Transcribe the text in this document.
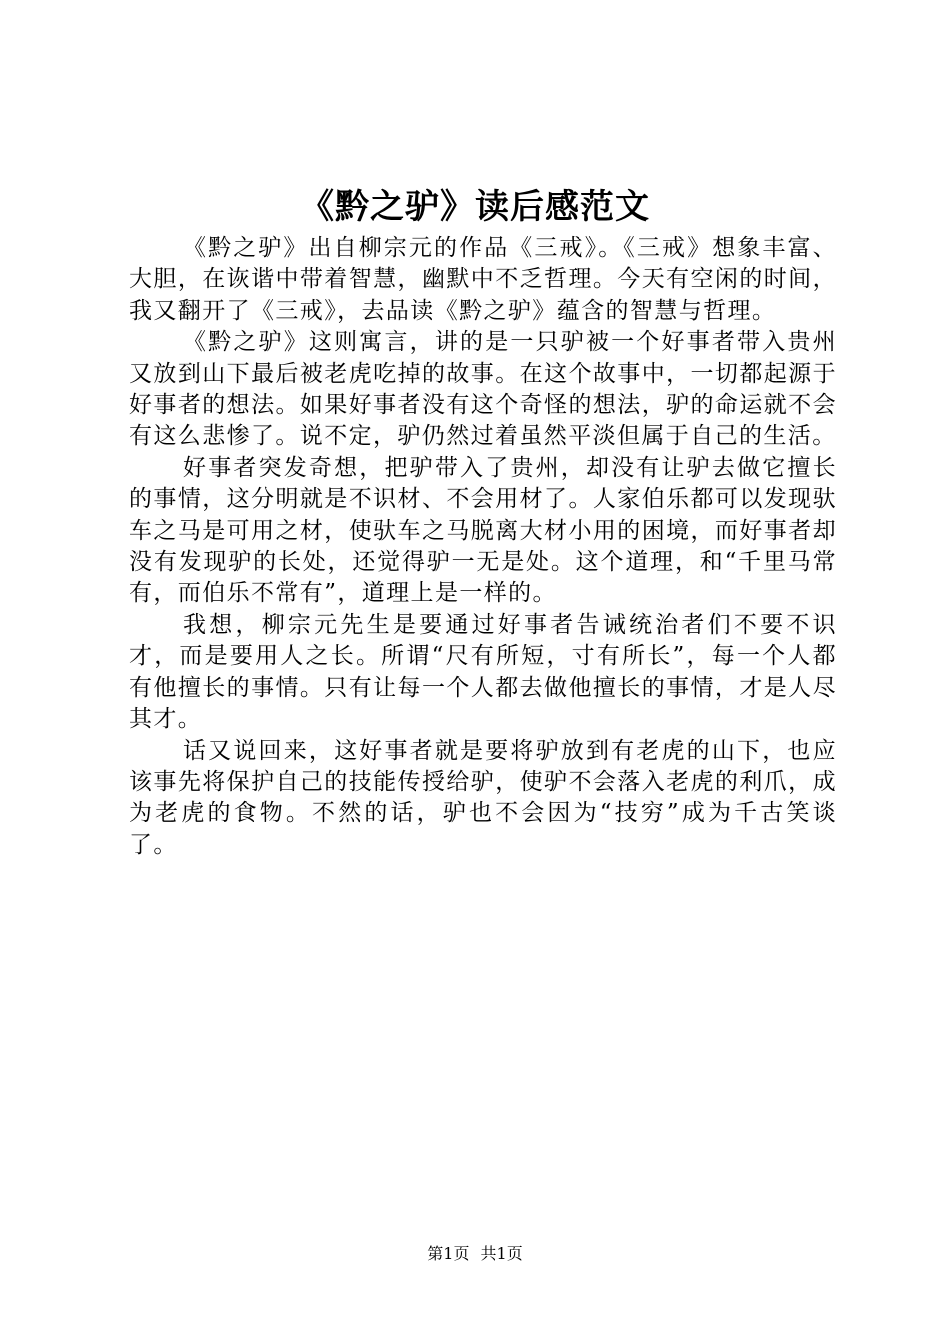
《黔之驴》读后感范文

《黔之驴》出自柳宗元的作品《三戒》。《三戒》想象丰富、大胆，在诙谐中带着智慧，幽默中不乏哲理。今天有空闲的时间，我又翻开了《三戒》，去品读《黔之驴》蕴含的智慧与哲理。

《黔之驴》这则寓言，讲的是一只驴被一个好事者带入贵州又放到山下最后被老虎吃掉的故事。在这个故事中，一切都起源于好事者的想法。如果好事者没有这个奇怪的想法，驴的命运就不会有这么悲惨了。说不定，驴仍然过着虽然平淡但属于自己的生活。

好事者突发奇想，把驴带入了贵州，却没有让驴去做它擅长的事情，这分明就是不识材、不会用材了。人家伯乐都可以发现驮车之马是可用之材，使驮车之马脱离大材小用的困境，而好事者却没有发现驴的长处，还觉得驴一无是处。这个道理，和“千里马常有，而伯乐不常有”，道理上是一样的。

我想，柳宗元先生是要通过好事者告诫统治者们不要不识才，而是要用人之长。所谓“尺有所短，寸有所长”，每一个人都有他擅长的事情。只有让每一个人都去做他擅长的事情，才是人尽其才。

话又说回来，这好事者就是要将驴放到有老虎的山下，也应该事先将保护自己的技能传授给驴，使驴不会落入老虎的利爪，成为老虎的食物。不然的话，驴也不会因为“技穷”成为千古笑谈了。

第1页 共1页
